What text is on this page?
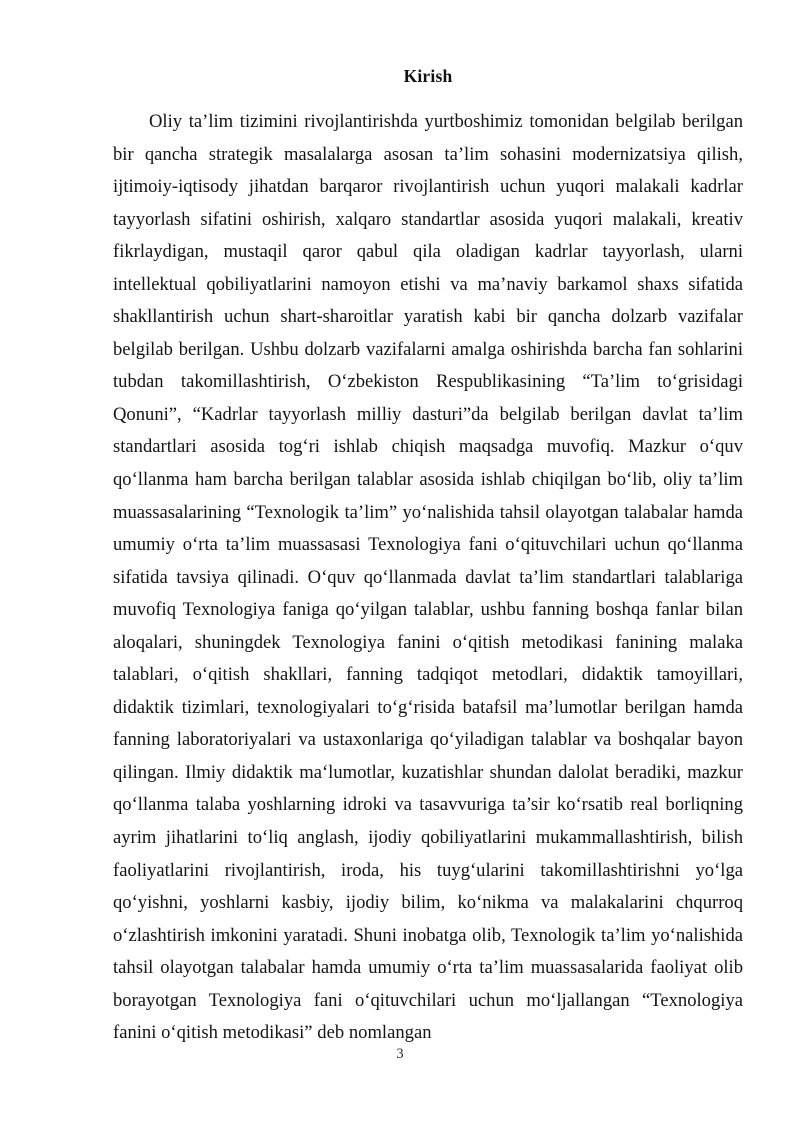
Kirish

Oliy ta’lim tizimini rivojlantirishda yurtboshimiz tomonidan belgilab berilgan bir qancha strategik masalalarga asosan ta’lim sohasini modernizatsiya qilish, ijtimoiy-iqtisody jihatdan barqaror rivojlantirish uchun yuqori malakali kadrlar tayyorlash sifatini oshirish, xalqaro standartlar asosida yuqori malakali, kreativ fikrlaydigan, mustaqil qaror qabul qila oladigan kadrlar tayyorlash, ularni intellektual qobiliyatlarini namoyon etishi va ma’naviy barkamol shaxs sifatida shakllantirish uchun shart-sharoitlar yaratish kabi bir qancha dolzarb vazifalar belgilab berilgan. Ushbu dolzarb vazifalarni amalga oshirishda barcha fan sohlarini tubdan takomillashtirish, Oʻzbekiston Respublikasining “Ta’lim toʻgrisidagi Qonuni”, “Kadrlar tayyorlash milliy dasturi”da belgilab berilgan davlat ta’lim standartlari asosida togʻri ishlab chiqish maqsadga muvofiq. Mazkur oʻquv qoʻllanma ham barcha berilgan talablar asosida ishlab chiqilgan boʻlib, oliy ta’lim muassasalarining “Texnologik ta’lim” yoʻnalishida tahsil olayotgan talabalar hamda umumiy oʻrta ta’lim muassasasi Texnologiya fani oʻqituvchilari uchun qoʻllanma sifatida tavsiya qilinadi. Oʻquv qoʻllanmada davlat ta’lim standartlari talablariga muvofiq Texnologiya faniga qoʻyilgan talablar, ushbu fanning boshqa fanlar bilan aloqalari, shuningdek Texnologiya fanini oʻqitish metodikasi fanining malaka talablari, oʻqitish shakllari, fanning tadqiqot metodlari, didaktik tamoyillari, didaktik tizimlari, texnologiyalari toʻgʻrisida batafsil ma’lumotlar berilgan hamda fanning laboratoriyalari va ustaxonlariga qoʻyiladigan talablar va boshqalar bayon qilingan. Ilmiy didaktik maʻlumotlar, kuzatishlar shundan dalolat beradiki, mazkur qoʻllanma talaba yoshlarning idroki va tasavvuriga ta’sir koʻrsatib real borliqning ayrim jihatlarini toʻliq anglash, ijodiy qobiliyatlarini mukammallashtirish, bilish faoliyatlarini rivojlantirish, iroda, his tuygʻularini takomillashtirishni yoʻlga qoʻyishni, yoshlarni kasbiy, ijodiy bilim, koʻnikma va malakalarini chqurroq oʻzlashtirish imkonini yaratadi. Shuni inobatga olib, Texnologik ta’lim yoʻnalishida tahsil olayotgan talabalar hamda umumiy oʻrta ta’lim muassasalarida faoliyat olib borayotgan Texnologiya fani oʻqituvchilari uchun moʻljallangan “Texnologiya fanini oʻqitish metodikasi” deb nomlangan

3
